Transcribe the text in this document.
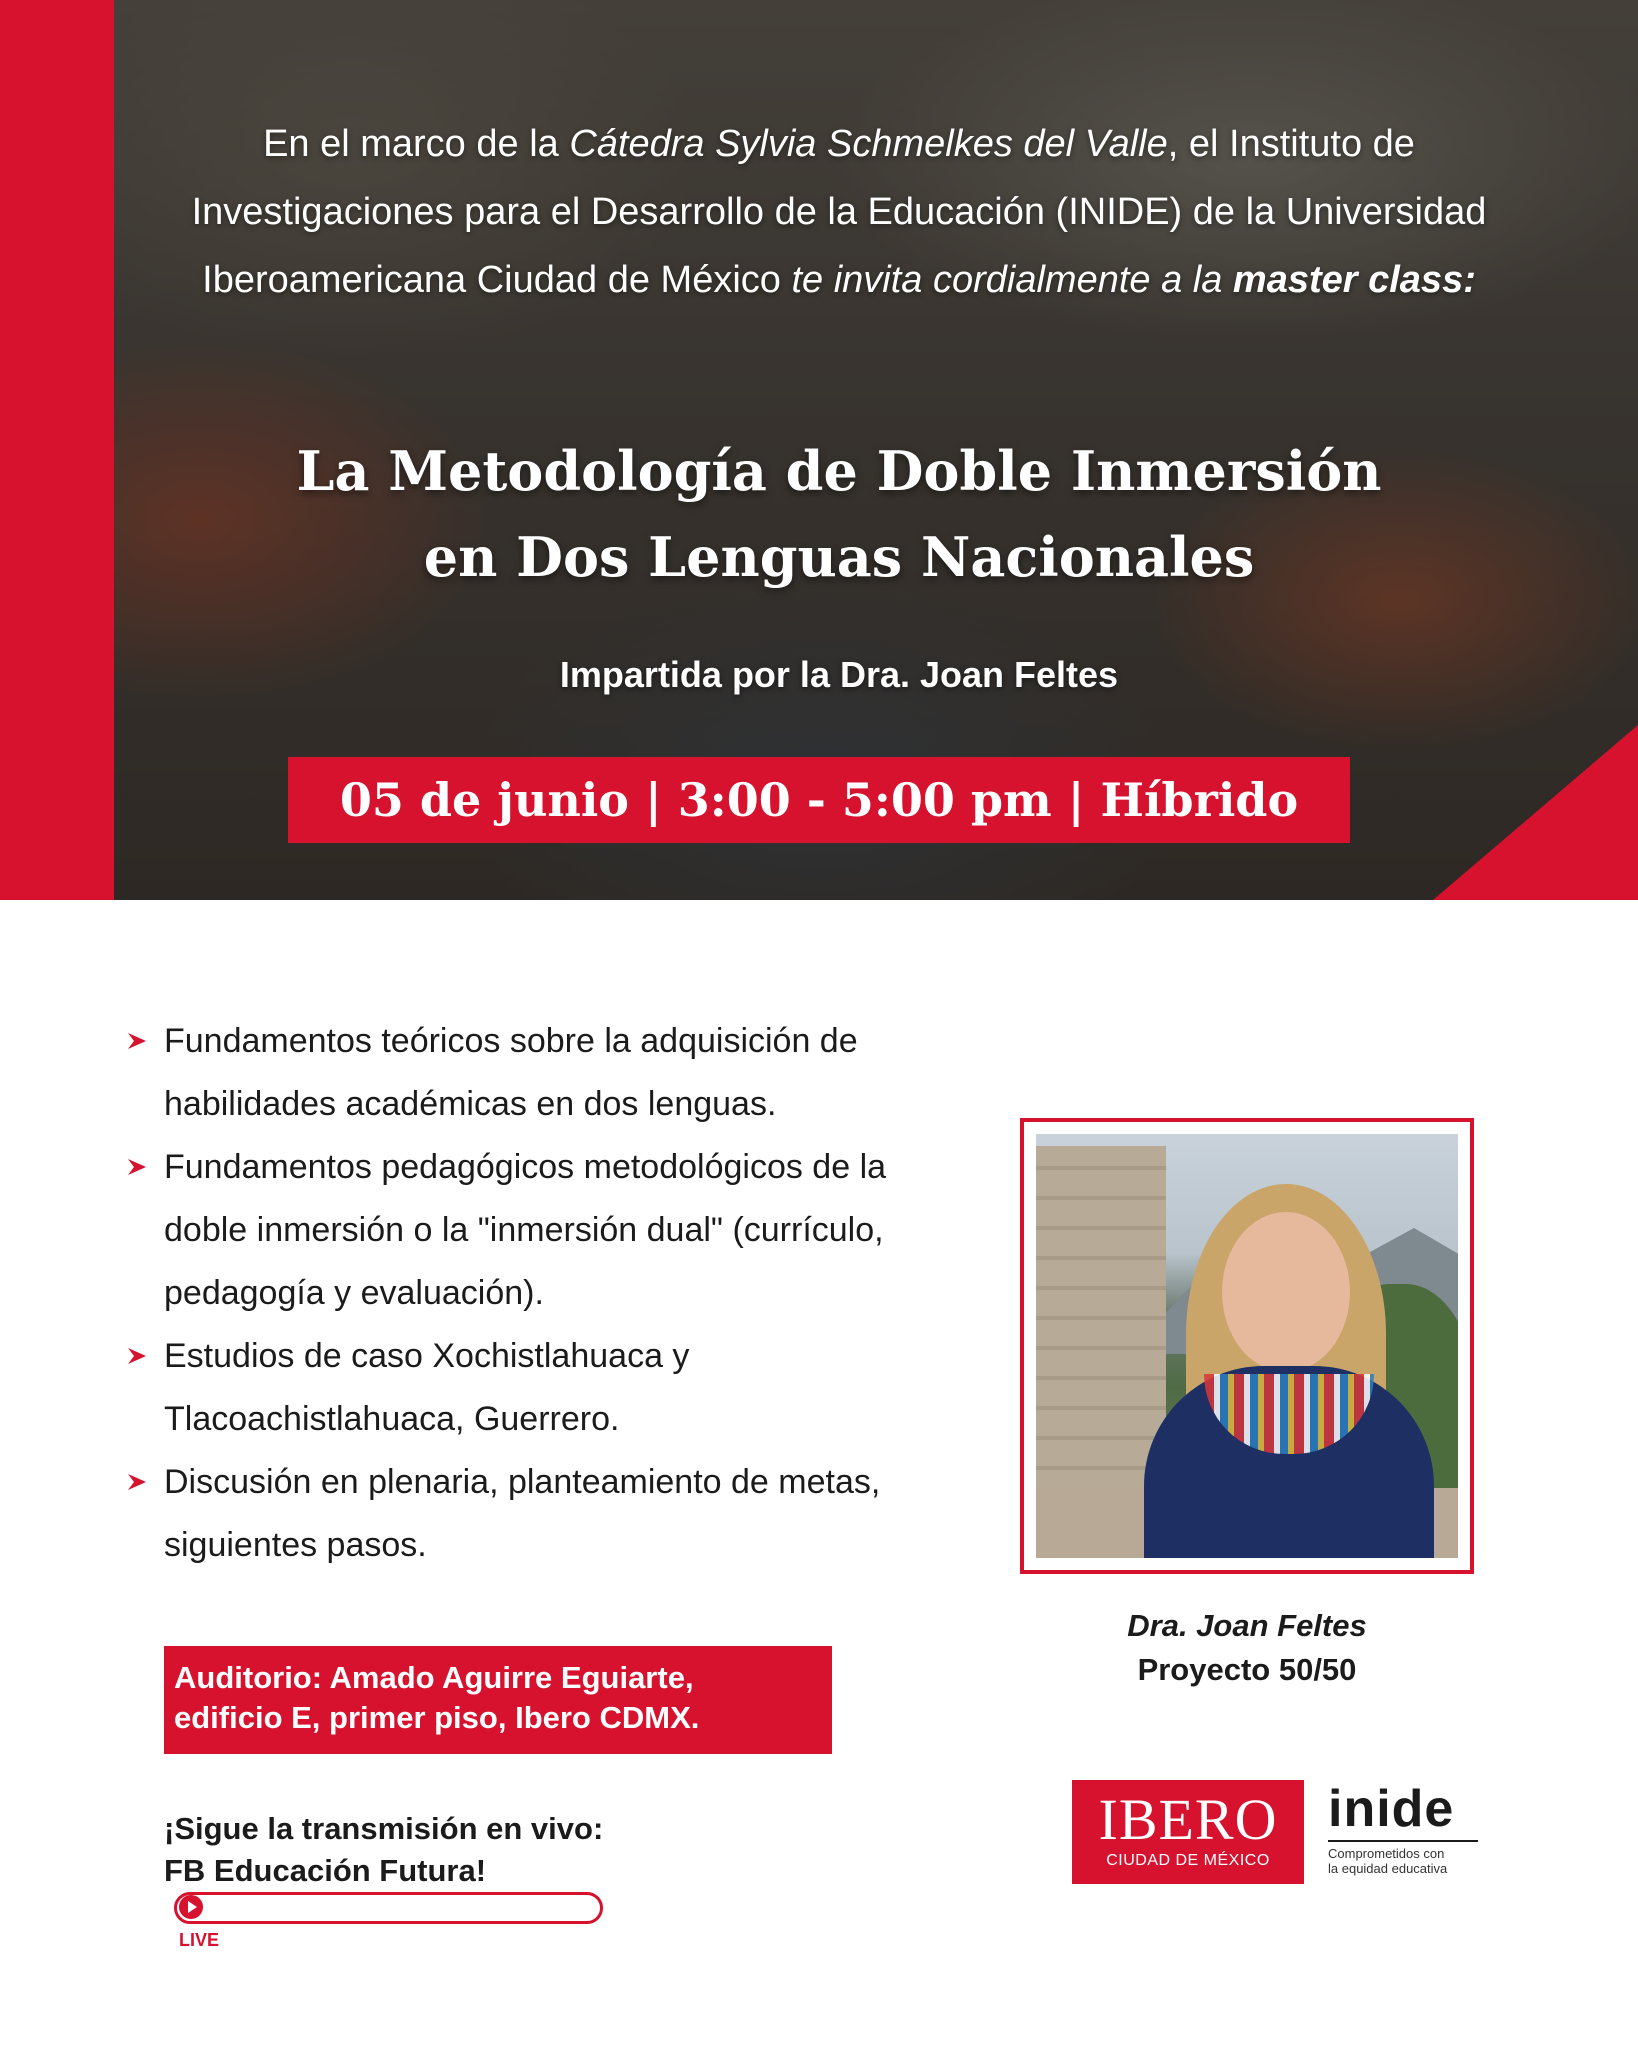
En el marco de la Cátedra Sylvia Schmelkes del Valle, el Instituto de Investigaciones para el Desarrollo de la Educación (INIDE) de la Universidad Iberoamericana Ciudad de México te invita cordialmente a la master class:

La Metodología de Doble Inmersión
en Dos Lenguas Nacionales
Impartida por la Dra. Joan Feltes
05 de junio | 3:00 - 5:00 pm | Híbrido
Fundamentos teóricos sobre la adquisición de habilidades académicas en dos lenguas.
Fundamentos pedagógicos metodológicos de la doble inmersión o la "inmersión dual" (currículo, pedagogía y evaluación).
Estudios de caso Xochistlahuaca y Tlacoachistlahuaca, Guerrero.
Discusión en plenaria, planteamiento de metas, siguientes pasos.
Auditorio: Amado Aguirre Eguiarte,
edificio E, primer piso, Ibero CDMX.
¡Sigue la transmisión en vivo:
FB Educación Futura!
LIVE
Dra. Joan Feltes
Proyecto 50/50
IBERO
CIUDAD DE MÉXICO
inide
Comprometidos con
la equidad educativa
